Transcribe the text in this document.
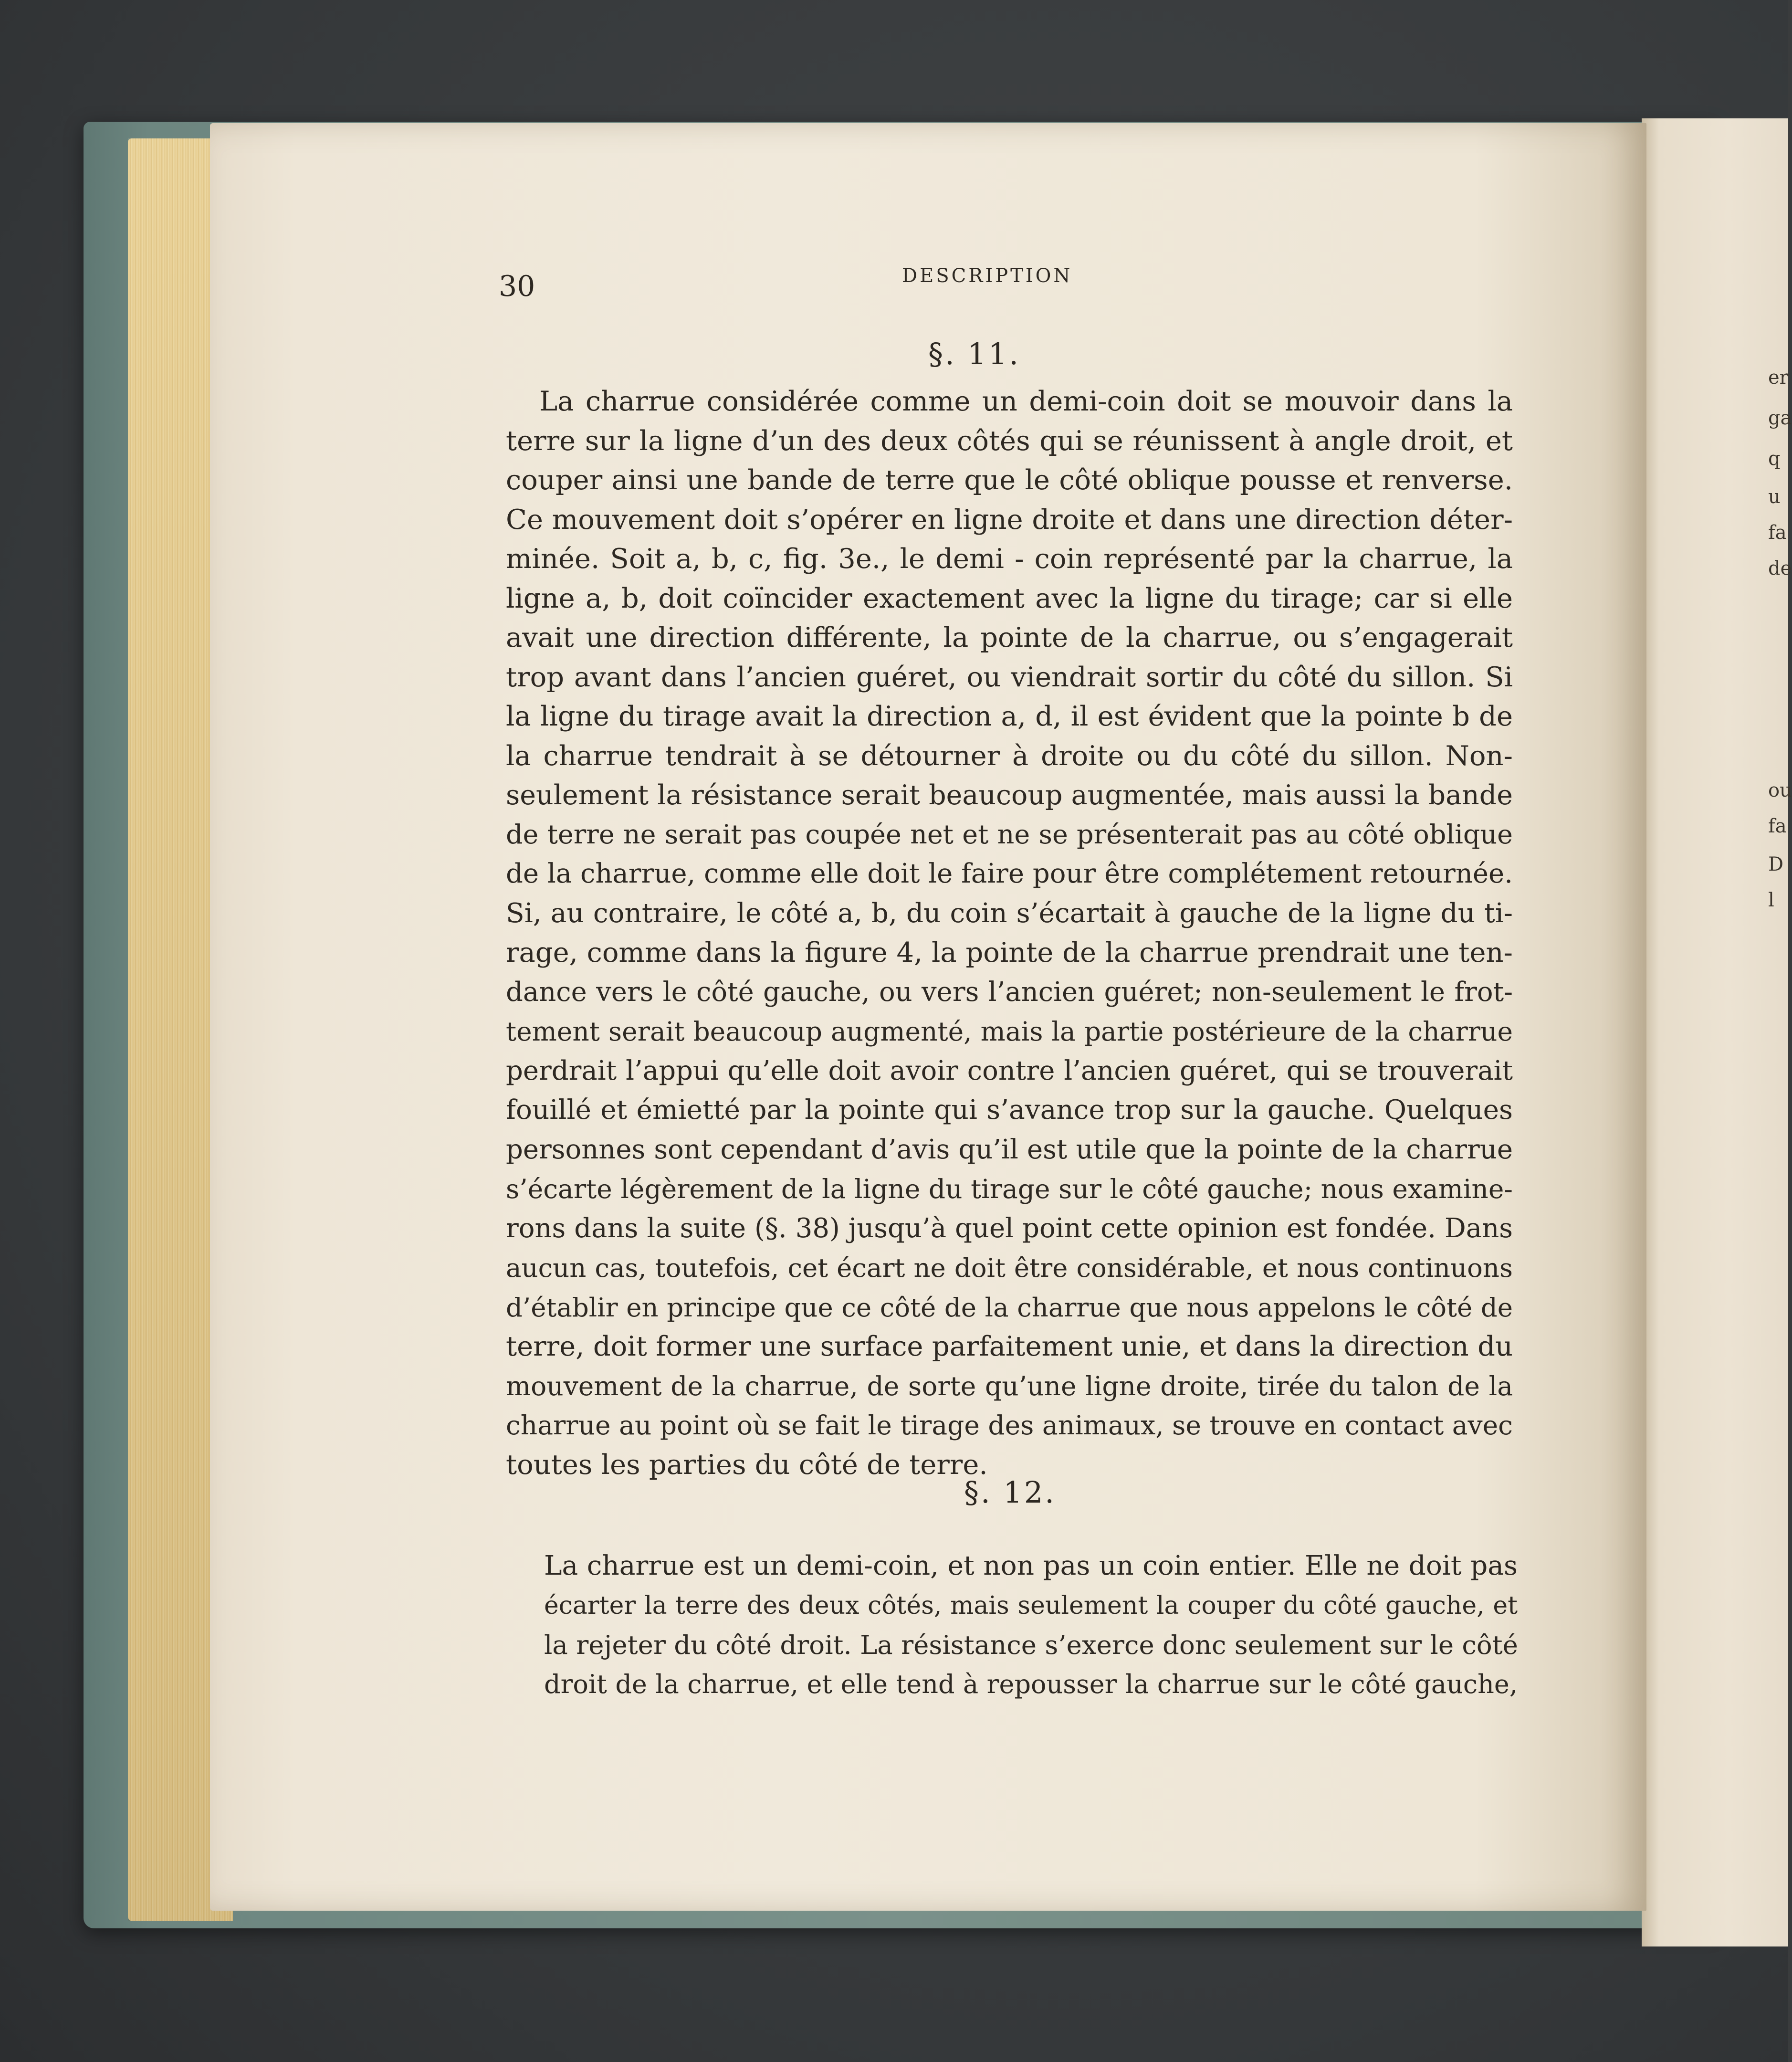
er
ga
q
u
fa
de
ou
fa
D
l
30	DESCRIPTION
§. 11.
La charrue considérée comme un demi-coin doit se mouvoir dans la
terre sur la ligne d’un des deux côtés qui se réunissent à angle droit, et
couper ainsi une bande de terre que le côté oblique pousse et renverse.
Ce mouvement doit s’opérer en ligne droite et dans une direction déter-
minée. Soit a, b, c, fig. 3e., le demi - coin représenté par la charrue, la
ligne a, b, doit coïncider exactement avec la ligne du tirage; car si elle
avait une direction différente, la pointe de la charrue, ou s’engagerait
trop avant dans l’ancien guéret, ou viendrait sortir du côté du sillon. Si
la ligne du tirage avait la direction a, d, il est évident que la pointe b de
la charrue tendrait à se détourner à droite ou du côté du sillon. Non-
seulement la résistance serait beaucoup augmentée, mais aussi la bande
de terre ne serait pas coupée net et ne se présenterait pas au côté oblique
de la charrue, comme elle doit le faire pour être complétement retournée.
Si, au contraire, le côté a, b, du coin s’écartait à gauche de la ligne du ti-
rage, comme dans la figure 4, la pointe de la charrue prendrait une ten-
dance vers le côté gauche, ou vers l’ancien guéret; non-seulement le frot-
tement serait beaucoup augmenté, mais la partie postérieure de la charrue
perdrait l’appui qu’elle doit avoir contre l’ancien guéret, qui se trouverait
fouillé et émietté par la pointe qui s’avance trop sur la gauche. Quelques
personnes sont cependant d’avis qu’il est utile que la pointe de la charrue
s’écarte légèrement de la ligne du tirage sur le côté gauche; nous examine-
rons dans la suite (§. 38) jusqu’à quel point cette opinion est fondée. Dans
aucun cas, toutefois, cet écart ne doit être considérable, et nous continuons
d’établir en principe que ce côté de la charrue que nous appelons le côté de
terre, doit former une surface parfaitement unie, et dans la direction du
mouvement de la charrue, de sorte qu’une ligne droite, tirée du talon de la
charrue au point où se fait le tirage des animaux, se trouve en contact avec
toutes les parties du côté de terre.
§. 12.
La charrue est un demi-coin, et non pas un coin entier. Elle ne doit pas
écarter la terre des deux côtés, mais seulement la couper du côté gauche, et
la rejeter du côté droit. La résistance s’exerce donc seulement sur le côté
droit de la charrue, et elle tend à repousser la charrue sur le côté gauche,
